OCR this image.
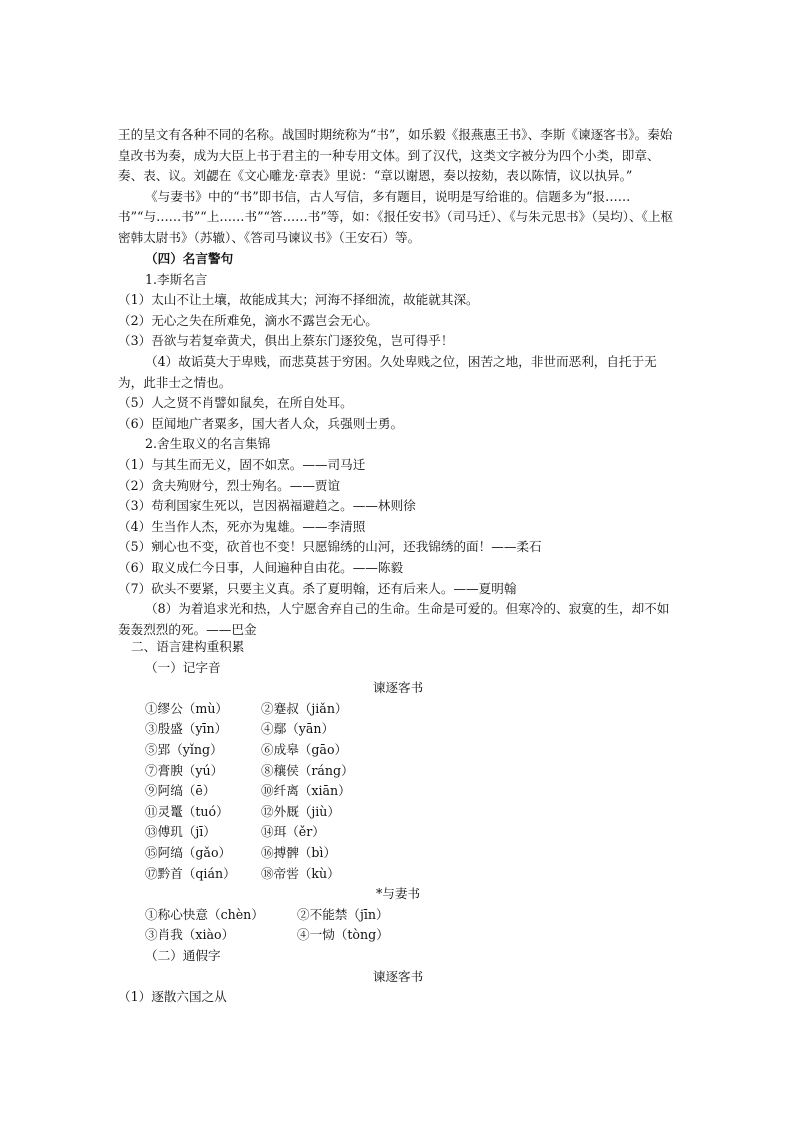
王的呈文有各种不同的名称。战国时期统称为“书”，如乐毅《报燕惠王书》、李斯《谏逐客书》。秦始皇改书为奏，成为大臣上书于君主的一种专用文体。到了汉代，这类文字被分为四个小类，即章、奏、表、议。刘勰在《文心雕龙·章表》里说：“章以谢恩，奏以按劾，表以陈情，议以执异。”

《与妻书》中的“书”即书信，古人写信，多有题目，说明是写给谁的。信题多为“报……书”“与……书”“上……书”“答……书”等，如：《报任安书》（司马迁）、《与朱元思书》（吴均）、《上枢密韩太尉书》（苏辙）、《答司马谏议书》（王安石）等。

（四）名言警句

1.李斯名言

（1）太山不让土壤，故能成其大；河海不择细流，故能就其深。

（2）无心之失在所难免，滴水不露岂会无心。

（3）吾欲与若复牵黄犬，俱出上蔡东门逐狡兔，岂可得乎！

（4）故诟莫大于卑贱，而悲莫甚于穷困。久处卑贱之位，困苦之地，非世而恶利，自托于无为，此非士之情也。

（5）人之贤不肖譬如鼠矣，在所自处耳。

（6）臣闻地广者粟多，国大者人众，兵强则士勇。

2.舍生取义的名言集锦

（1）与其生而无义，固不如烹。——司马迁

（2）贪夫殉财兮，烈士殉名。——贾谊

（3）苟利国家生死以，岂因祸福避趋之。——林则徐

（4）生当作人杰，死亦为鬼雄。——李清照

（5）剜心也不变，砍首也不变！只愿锦绣的山河，还我锦绣的面！——柔石

（6）取义成仁今日事，人间遍种自由花。——陈毅

（7）砍头不要紧，只要主义真。杀了夏明翰，还有后来人。——夏明翰

（8）为着追求光和热，人宁愿舍弃自己的生命。生命是可爱的。但寒冷的、寂寞的生，却不如轰轰烈烈的死。——巴金

二、语言建构重积累

（一）记字音

谏逐客书

①缪公（mù）	②蹇叔（jiǎn）
③殷盛（yīn）	④鄢（yān）
⑤郢（yǐng）	⑥成皋（gāo）
⑦膏腴（yú）	⑧穰侯（ráng）
⑨阿缟（ē）	⑩纤离（xiān）
⑪灵鼍（tuó）	⑫外厩（jiù）
⑬傅玑（jī）	⑭珥（ěr）
⑮阿缟（gǎo）	⑯搏髀（bì）
⑰黔首（qián）	⑱帝喾（kù）

*与妻书

①称心快意（chèn）	②不能禁（jīn）
③肖我（xiào）	④一恸（tòng）

（二）通假字

谏逐客书

（1）逐散六国之从
